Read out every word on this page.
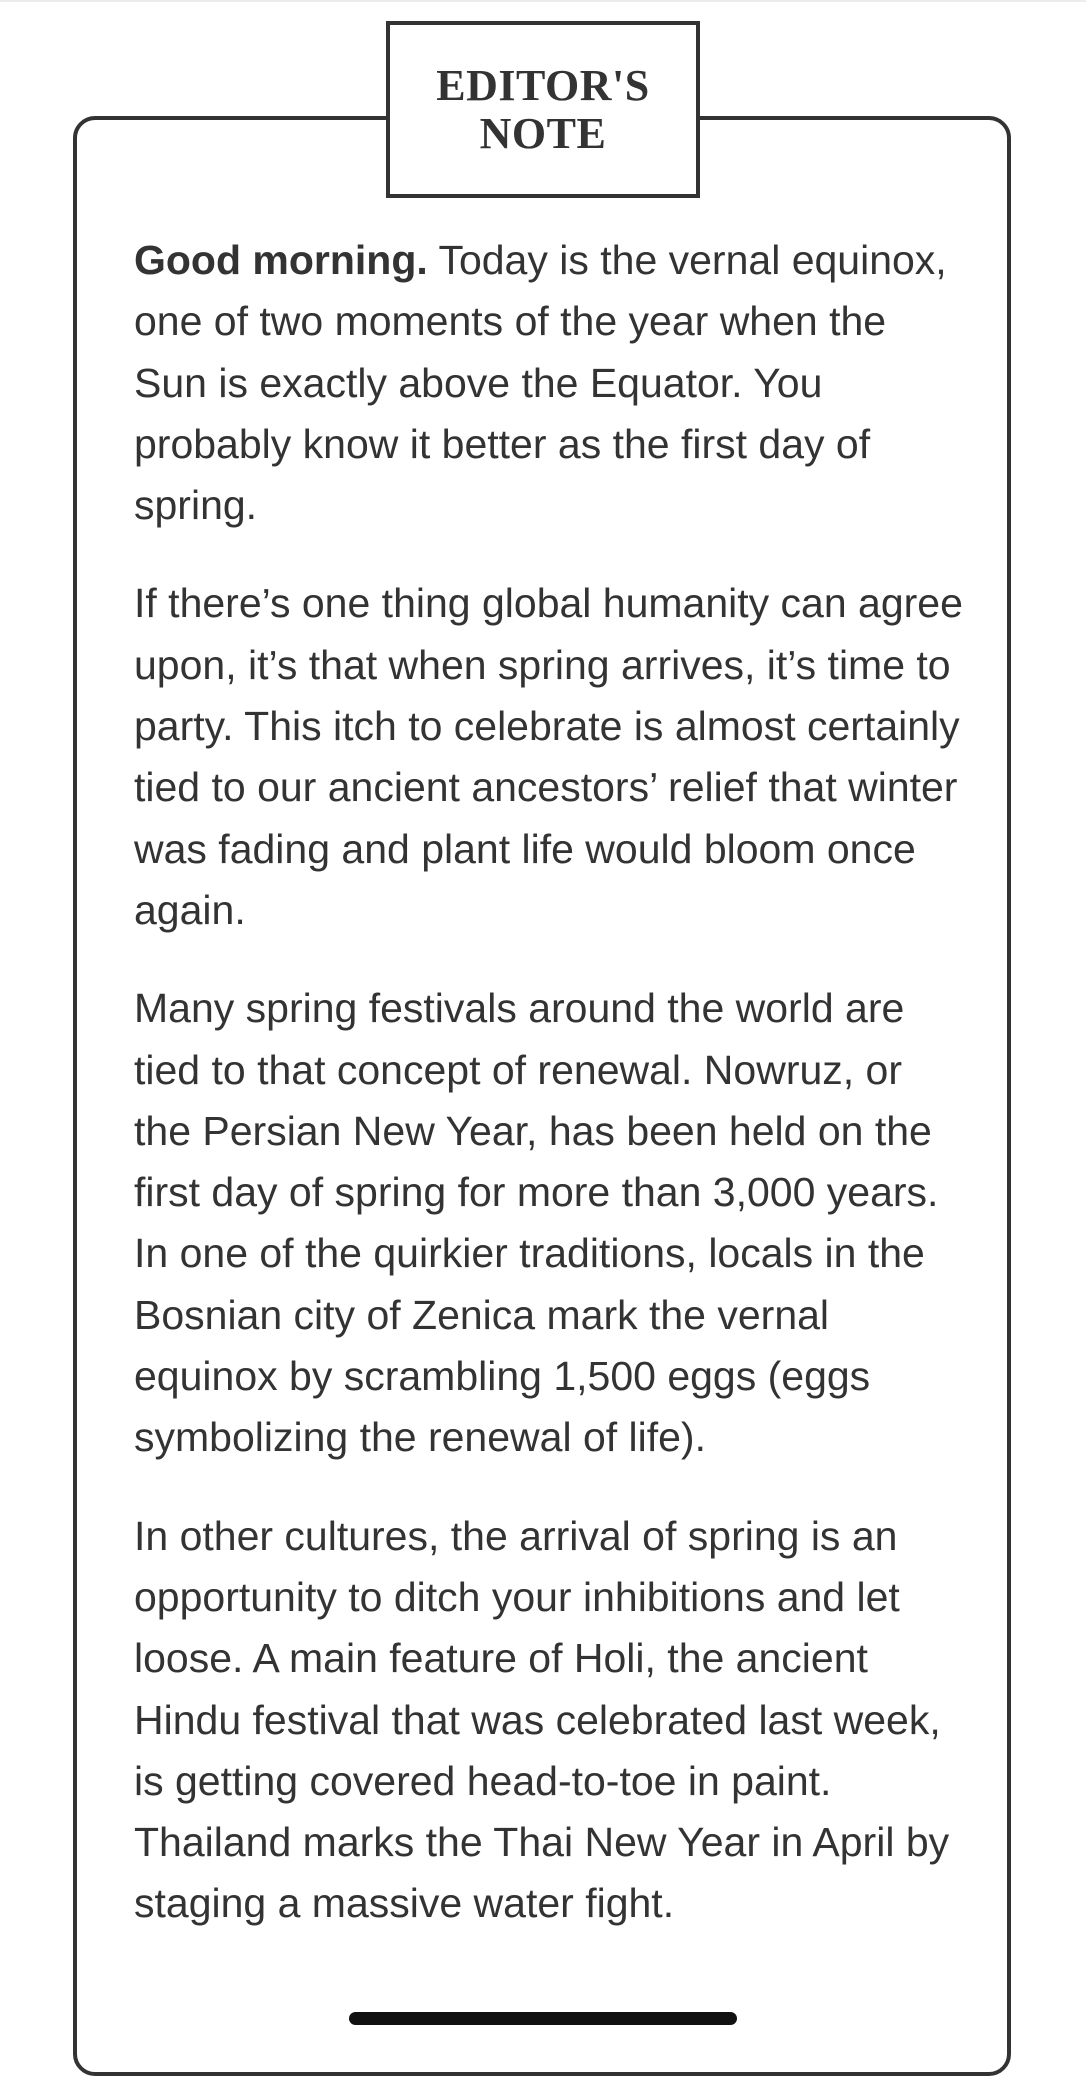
EDITOR'S
NOTE

Good morning. Today is the vernal equinox, one of two moments of the year when the Sun is exactly above the Equator. You probably know it better as the first day of spring.

If there’s one thing global humanity can agree upon, it’s that when spring arrives, it’s time to party. This itch to celebrate is almost certainly tied to our ancient ancestors’ relief that winter was fading and plant life would bloom once again.

Many spring festivals around the world are tied to that concept of renewal. Nowruz, or the Persian New Year, has been held on the first day of spring for more than 3,000 years. In one of the quirkier traditions, locals in the Bosnian city of Zenica mark the vernal equinox by scrambling 1,500 eggs (eggs symbolizing the renewal of life).

In other cultures, the arrival of spring is an opportunity to ditch your inhibitions and let loose. A main feature of Holi, the ancient Hindu festival that was celebrated last week, is getting covered head-to-toe in paint. Thailand marks the Thai New Year in April by staging a massive water fight.
